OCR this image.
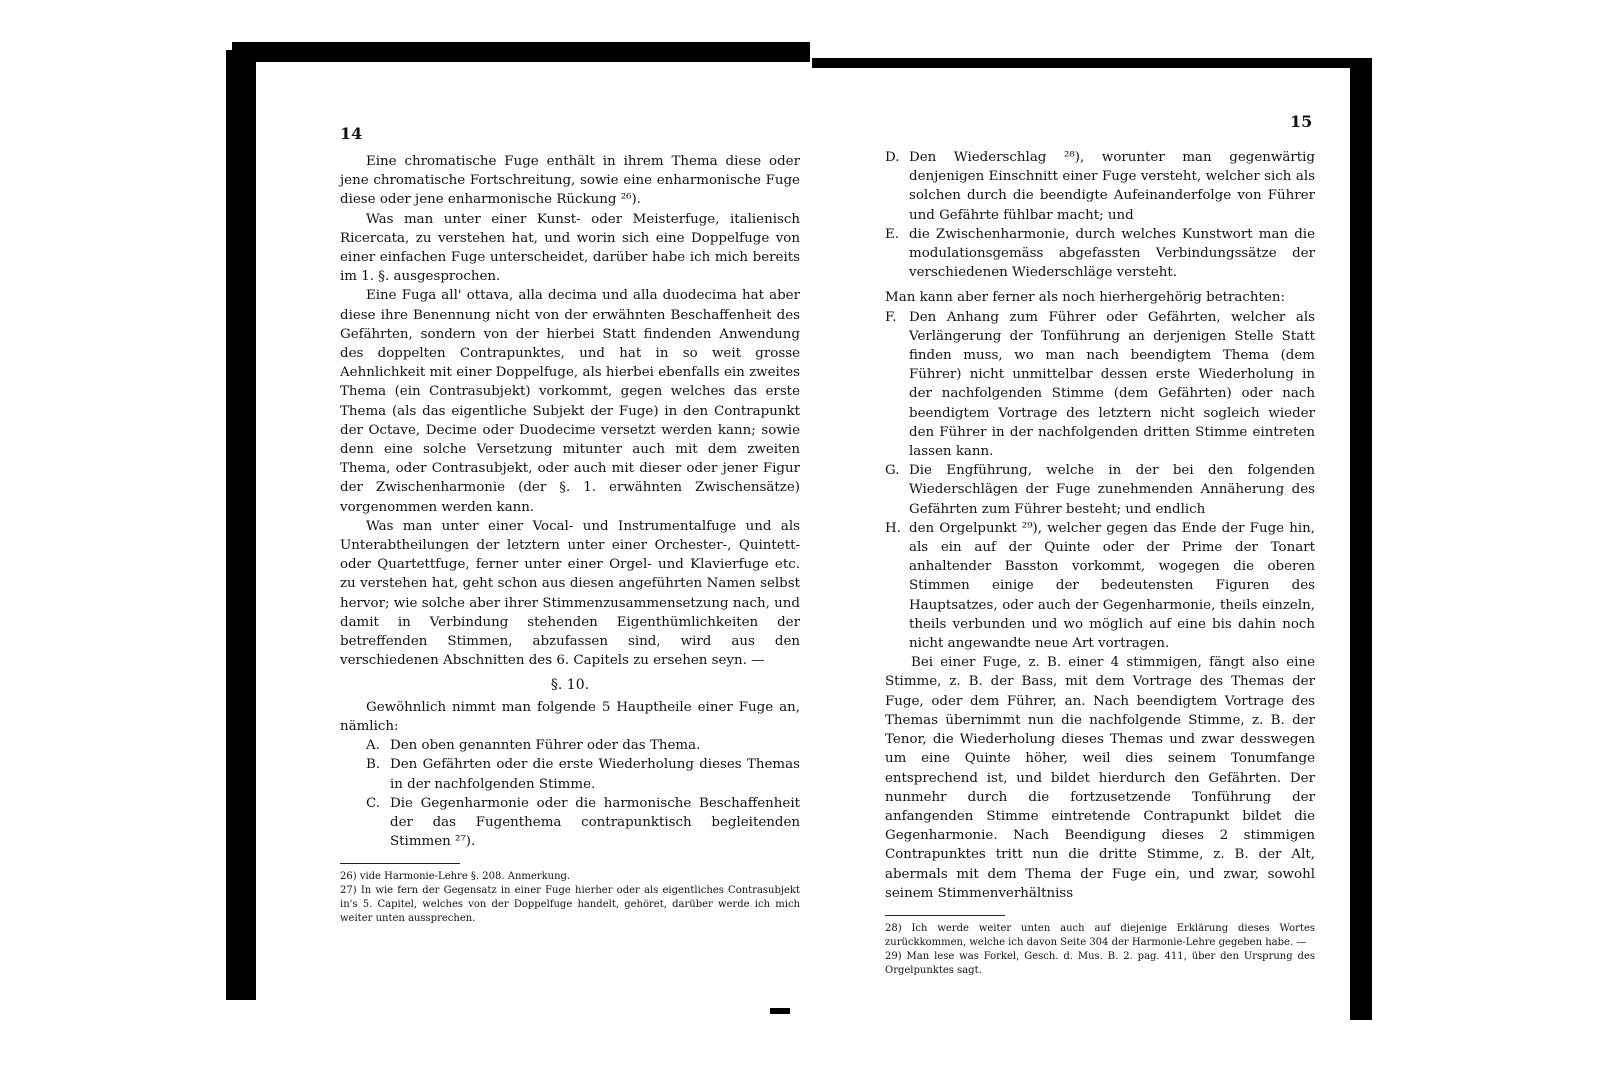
14

Eine chromatische Fuge enthält in ihrem Thema diese oder jene chromatische Fortschreitung, sowie eine enharmonische Fuge diese oder jene enharmonische Rückung ²⁶).

Was man unter einer Kunst- oder Meisterfuge, italienisch Ricercata, zu verstehen hat, und worin sich eine Doppelfuge von einer einfachen Fuge unterscheidet, darüber habe ich mich bereits im 1. §. ausgesprochen.

Eine Fuga all' ottava, alla decima und alla duodecima hat aber diese ihre Benennung nicht von der erwähnten Beschaffenheit des Gefährten, sondern von der hierbei Statt findenden Anwendung des doppelten Contrapunktes, und hat in so weit grosse Aehnlichkeit mit einer Doppelfuge, als hierbei ebenfalls ein zweites Thema (ein Contrasubjekt) vorkommt, gegen welches das erste Thema (als das eigentliche Subjekt der Fuge) in den Contrapunkt der Octave, Decime oder Duodecime versetzt werden kann; sowie denn eine solche Versetzung mitunter auch mit dem zweiten Thema, oder Contrasubjekt, oder auch mit dieser oder jener Figur der Zwischenharmonie (der §. 1. erwähnten Zwischensätze) vorgenommen werden kann.

Was man unter einer Vocal- und Instrumentalfuge und als Unterabtheilungen der letztern unter einer Orchester-, Quintett- oder Quartettfuge, ferner unter einer Orgel- und Klavierfuge etc. zu verstehen hat, geht schon aus diesen angeführten Namen selbst hervor; wie solche aber ihrer Stimmenzusammensetzung nach, und damit in Verbindung stehenden Eigenthümlichkeiten der betreffenden Stimmen, abzufassen sind, wird aus den verschiedenen Abschnitten des 6. Capitels zu ersehen seyn. —

§. 10.

Gewöhnlich nimmt man folgende 5 Hauptheile einer Fuge an, nämlich:

A. Den oben genannten Führer oder das Thema.
B. Den Gefährten oder die erste Wiederholung dieses Themas in der nachfolgenden Stimme.
C. Die Gegenharmonie oder die harmonische Beschaffenheit der das Fugenthema contrapunktisch begleitenden Stimmen ²⁷).

26) vide Harmonie-Lehre §. 208. Anmerkung.

27) In wie fern der Gegensatz in einer Fuge hierher oder als eigentliches Contrasubjekt in's 5. Capitel, welches von der Doppelfuge handelt, gehöret, darüber werde ich mich weiter unten aussprechen.

15
D. Den Wiederschlag ²⁸), worunter man gegenwärtig denjenigen Einschnitt einer Fuge versteht, welcher sich als solchen durch die beendigte Aufeinanderfolge von Führer und Gefährte fühlbar macht; und
E. die Zwischenharmonie, durch welches Kunstwort man die modulationsgemäss abgefassten Verbindungssätze der verschiedenen Wiederschläge versteht.

Man kann aber ferner als noch hierhergehörig betrachten:

F. Den Anhang zum Führer oder Gefährten, welcher als Verlängerung der Tonführung an derjenigen Stelle Statt finden muss, wo man nach beendigtem Thema (dem Führer) nicht unmittelbar dessen erste Wiederholung in der nachfolgenden Stimme (dem Gefährten) oder nach beendigtem Vortrage des letztern nicht sogleich wieder den Führer in der nachfolgenden dritten Stimme eintreten lassen kann.
G. Die Engführung, welche in der bei den folgenden Wiederschlägen der Fuge zunehmenden Annäherung des Gefährten zum Führer besteht; und endlich
H. den Orgelpunkt ²⁹), welcher gegen das Ende der Fuge hin, als ein auf der Quinte oder der Prime der Tonart anhaltender Basston vorkommt, wogegen die oberen Stimmen einige der bedeutensten Figuren des Hauptsatzes, oder auch der Gegenharmonie, theils einzeln, theils verbunden und wo möglich auf eine bis dahin noch nicht angewandte neue Art vortragen.

Bei einer Fuge, z. B. einer 4 stimmigen, fängt also eine Stimme, z. B. der Bass, mit dem Vortrage des Themas der Fuge, oder dem Führer, an. Nach beendigtem Vortrage des Themas übernimmt nun die nachfolgende Stimme, z. B. der Tenor, die Wiederholung dieses Themas und zwar desswegen um eine Quinte höher, weil dies seinem Tonumfange entsprechend ist, und bildet hierdurch den Gefährten. Der nunmehr durch die fortzusetzende Tonführung der anfangenden Stimme eintretende Contrapunkt bildet die Gegenharmonie. Nach Beendigung dieses 2 stimmigen Contrapunktes tritt nun die dritte Stimme, z. B. der Alt, abermals mit dem Thema der Fuge ein, und zwar, sowohl seinem Stimmenverhältniss

28) Ich werde weiter unten auch auf diejenige Erklärung dieses Wortes zurückkommen, welche ich davon Seite 304 der Harmonie-Lehre gegeben habe. —

29) Man lese was Forkel, Gesch. d. Mus. B. 2. pag. 411, über den Ursprung des Orgelpunktes sagt.
